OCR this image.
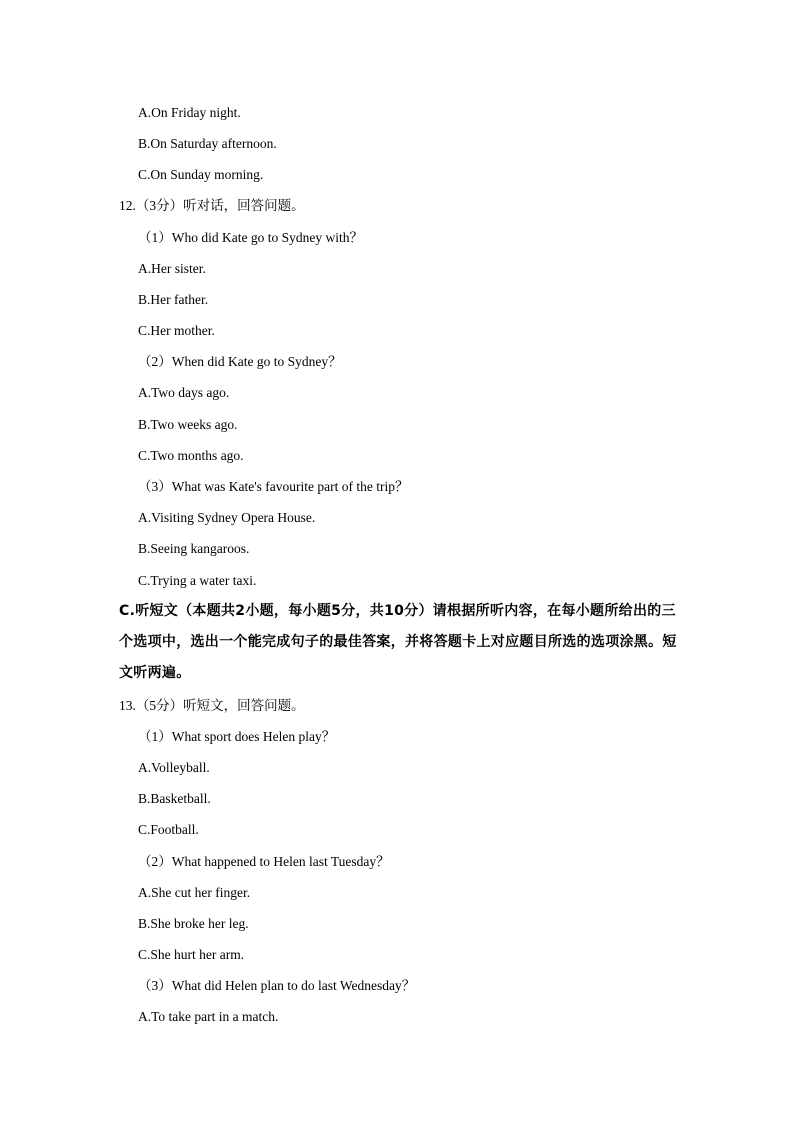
A.On Friday night.
B.On Saturday afternoon.
C.On Sunday morning.
12.（3分）听对话，回答问题。
（1）Who did Kate go to Sydney with？
A.Her sister.
B.Her father.
C.Her mother.
（2）When did Kate go to Sydney？
A.Two days ago.
B.Two weeks ago.
C.Two months ago.
（3）What was Kate's favourite part of the trip？
A.Visiting Sydney Opera House.
B.Seeing kangaroos.
C.Trying a water taxi.
C.听短文（本题共2小题，每小题5分，共10分）请根据所听内容，在每小题所给出的三
个选项中，选出一个能完成句子的最佳答案，并将答题卡上对应题目所选的选项涂黑。短
文听两遍。
13.（5分）听短文，回答问题。
（1）What sport does Helen play？
A.Volleyball.
B.Basketball.
C.Football.
（2）What happened to Helen last Tuesday？
A.She cut her finger.
B.She broke her leg.
C.She hurt her arm.
（3）What did Helen plan to do last Wednesday？
A.To take part in a match.
